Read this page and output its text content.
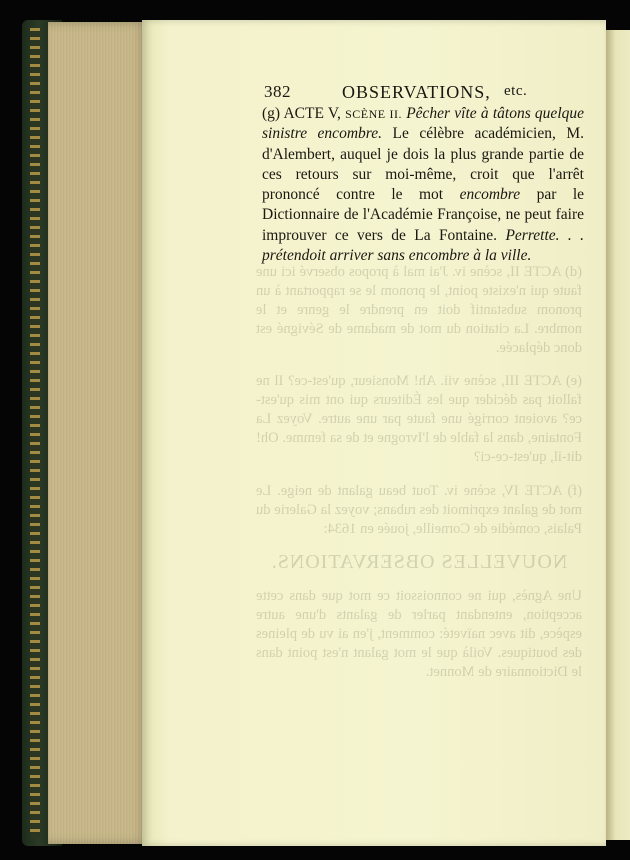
(d) ACTE II, scène iv. J'ai mal à propos observé ici une faute qui n'existe point, le pronom le se rapportant à un pronom substantif doit en prendre le genre et le nombre. La citation du mot de madame de Sévigné est donc déplacée.

(e) ACTE III, scène vii. Ah! Monsieur, qu'est-ce? Il ne falloit pas décider que les Éditeurs qui ont mis qu'est-ce? avoient corrigé une faute par une autre. Voyez La Fontaine, dans la fable de l'Ivrogne et de sa femme. Oh! dit-il, qu'est-ce-ci?

(f) ACTE IV, scène iv. Tout beau galant de neige. Le mot de galant exprimoit des rubans; voyez la Galerie du Palais, comédie de Corneille, jouée en 1634:

NOUVELLES OBSERVATIONS.

Une Agnès, qui ne connoissoit ce mot que dans cette acception, entendant parler de galants d'une autre espèce, dit avec naïveté: comment, j'en ai vu de pleines des boutiques. Voilà que le mot galant n'est point dans le Dictionnaire de Monnet.

382	OBSERVATIONS, etc.
(g) ACTE V, SCÈNE II. Pêcher vîte à tâtons quelque sinistre encombre. Le célèbre académicien, M. d'Alembert, auquel je dois la plus grande partie de ces retours sur moi-même, croit que l'arrêt prononcé contre le mot encombre par le Dictionnaire de l'Académie Françoise, ne peut faire improuver ce vers de La Fontaine. Perrette. . . prétendoit arriver sans encombre à la ville.
